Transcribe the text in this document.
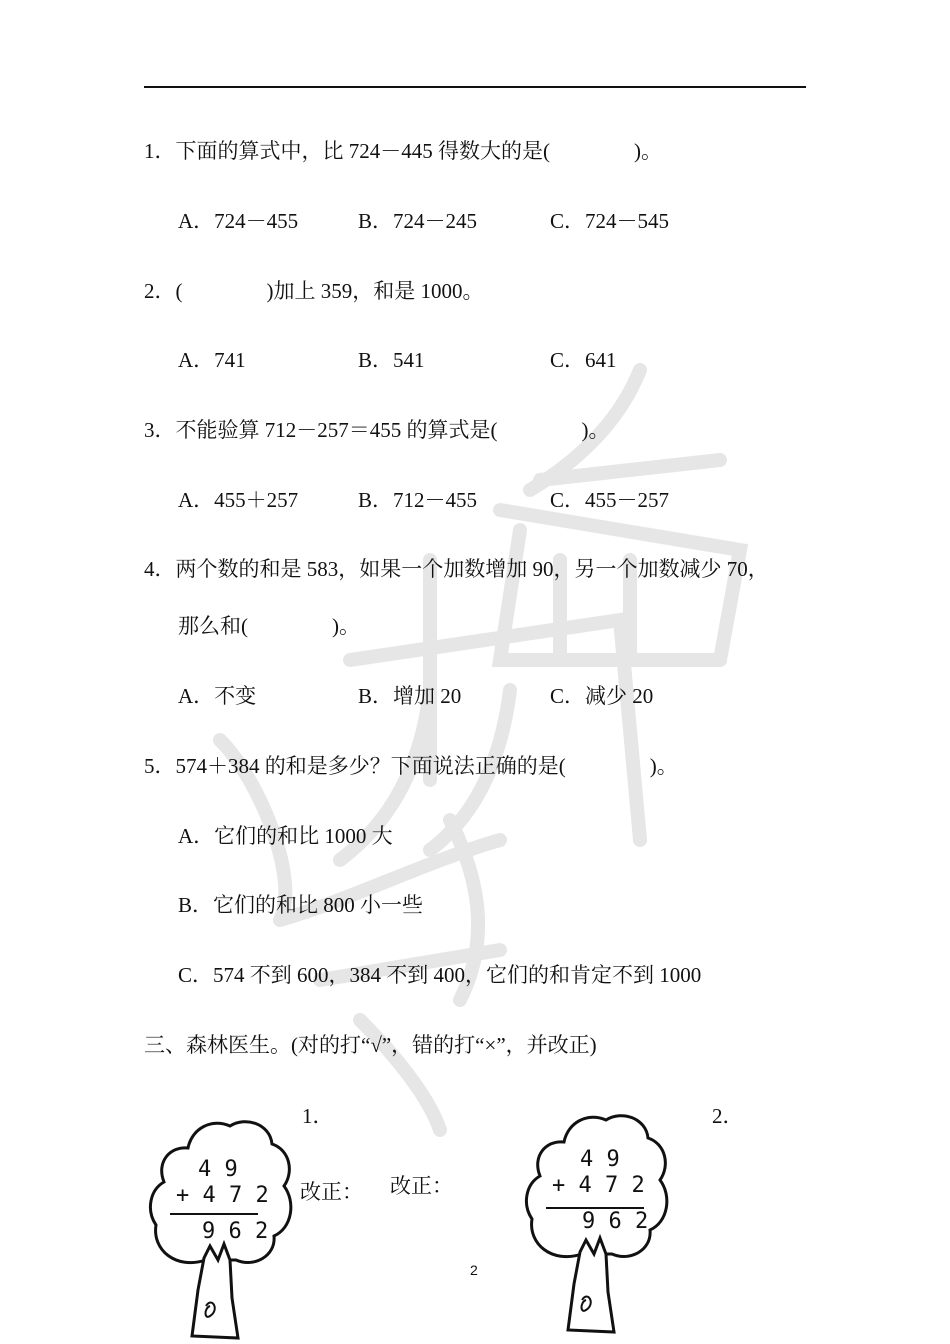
1．下面的算式中，比 724－445 得数大的是(　　　　)。
A．724－455	B．724－245	C．724－545
2．(　　　　)加上 359，和是 1000。
A．741	B．541	C．641
3．不能验算 712－257＝455 的算式是(　　　　)。
A．455＋257	B．712－455	C．455－257
4．两个数的和是 583，如果一个加数增加 90，另一个加数减少 70，
那么和(　　　　)。
A．不变	B．增加 20	C．减少 20
5．574＋384 的和是多少？下面说法正确的是(　　　　)。
A．它们的和比 1000 大
B．它们的和比 800 小一些
C．574 不到 600，384 不到 400，它们的和肯定不到 1000
三、森林医生。(对的打“√”，错的打“×”，并改正)
1．
改正： 改正：
2．
4 9
+ 4 7 2
9 6 2
4 9
+ 4 7 2
9 6 2
2
